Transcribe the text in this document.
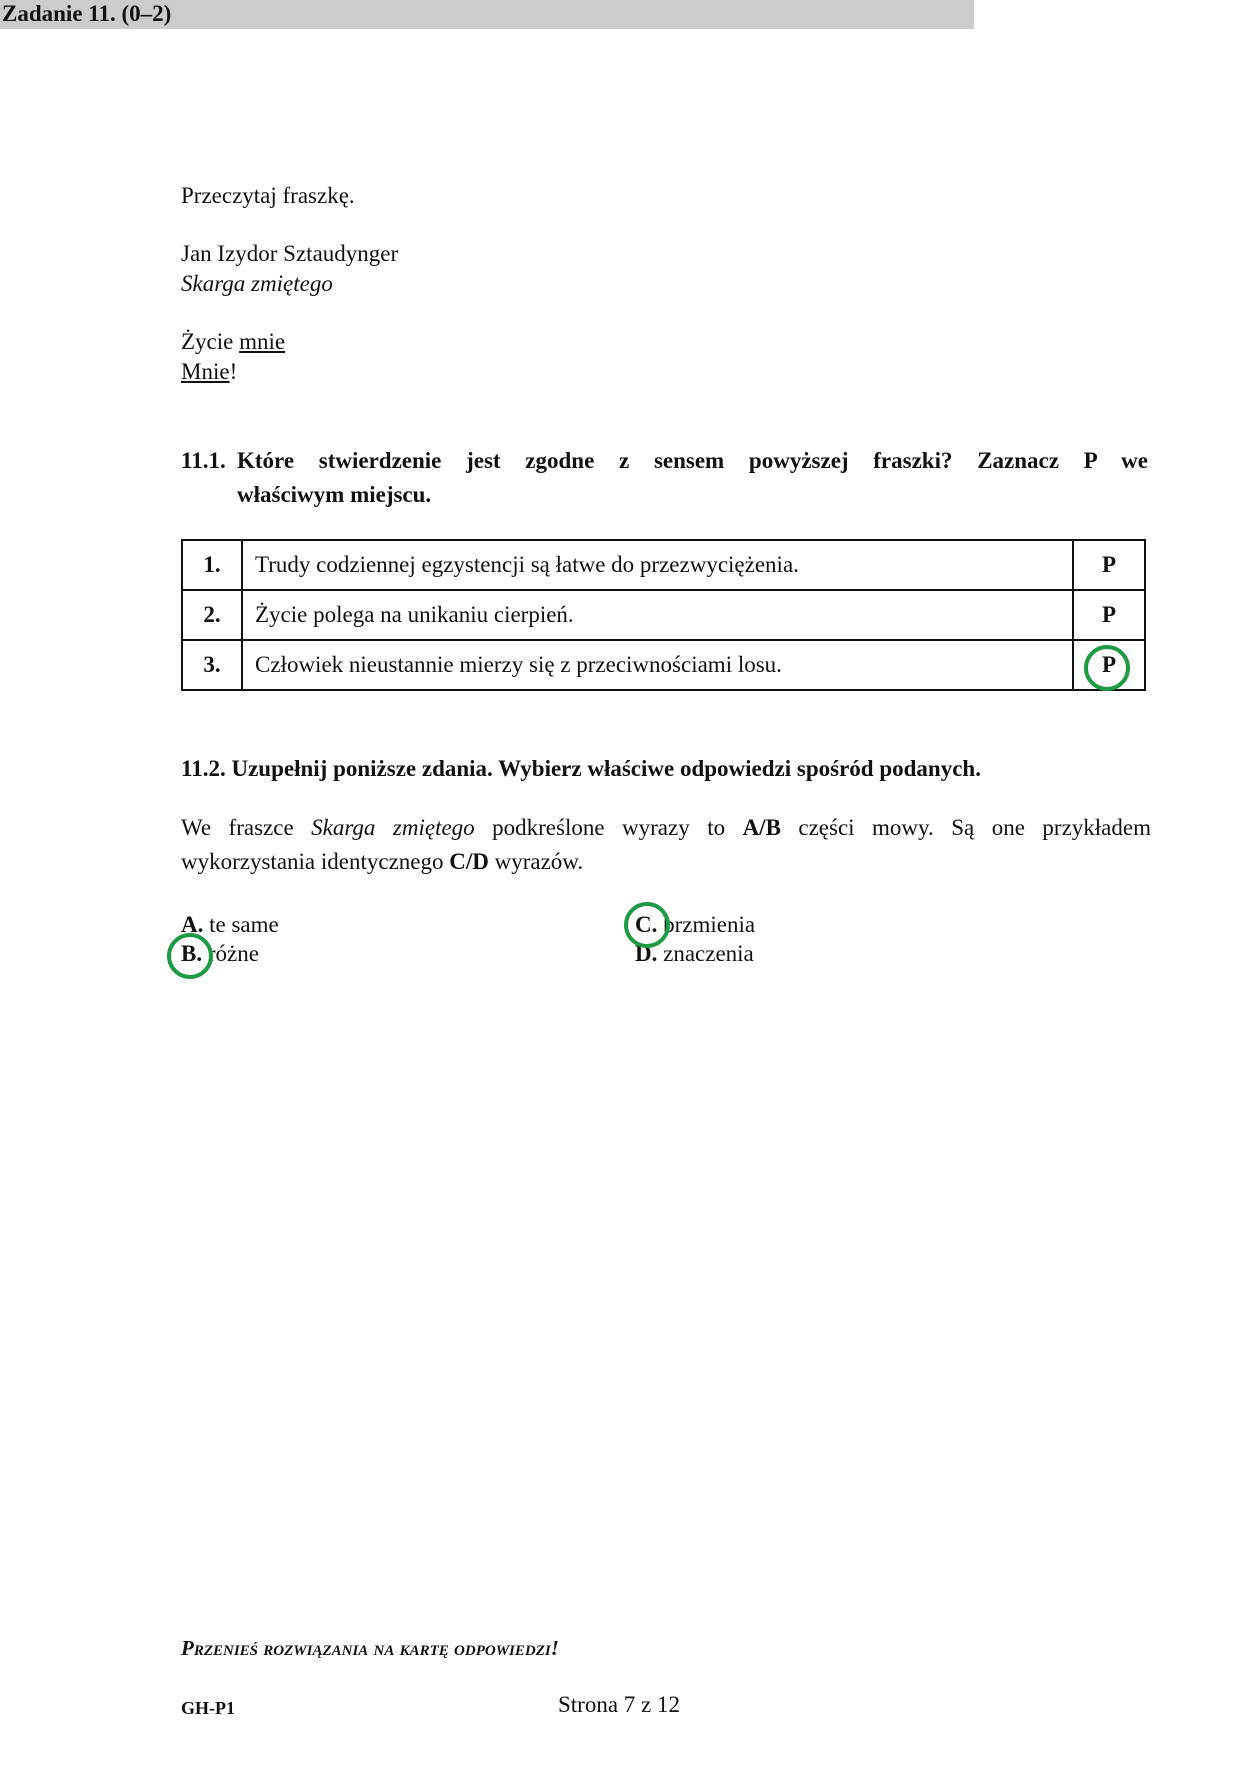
Zadanie 11. (0–2)
Przeczytaj fraszkę.
Jan Izydor Sztaudynger
Skarga zmiętego
Życie mnie
Mnie!
11.1. Które stwierdzenie jest zgodne z sensem powyższej fraszki? Zaznacz P we
właściwym miejscu.
1.	Trudy codziennej egzystencji są łatwe do przezwyciężenia.	P
2.	Życie polega na unikaniu cierpień.	P
3.	Człowiek nieustannie mierzy się z przeciwnościami losu.	P
11.2. Uzupełnij poniższe zdania. Wybierz właściwe odpowiedzi spośród podanych.
We fraszce Skarga zmiętego podkreślone wyrazy to A/B części mowy. Są one przykładem
wykorzystania identycznego C/D wyrazów.
A. te same
B. różne
C. brzmienia
D. znaczenia
Przenieś rozwiązania na kartę odpowiedzi!
GH-P1	Strona 7 z 12
